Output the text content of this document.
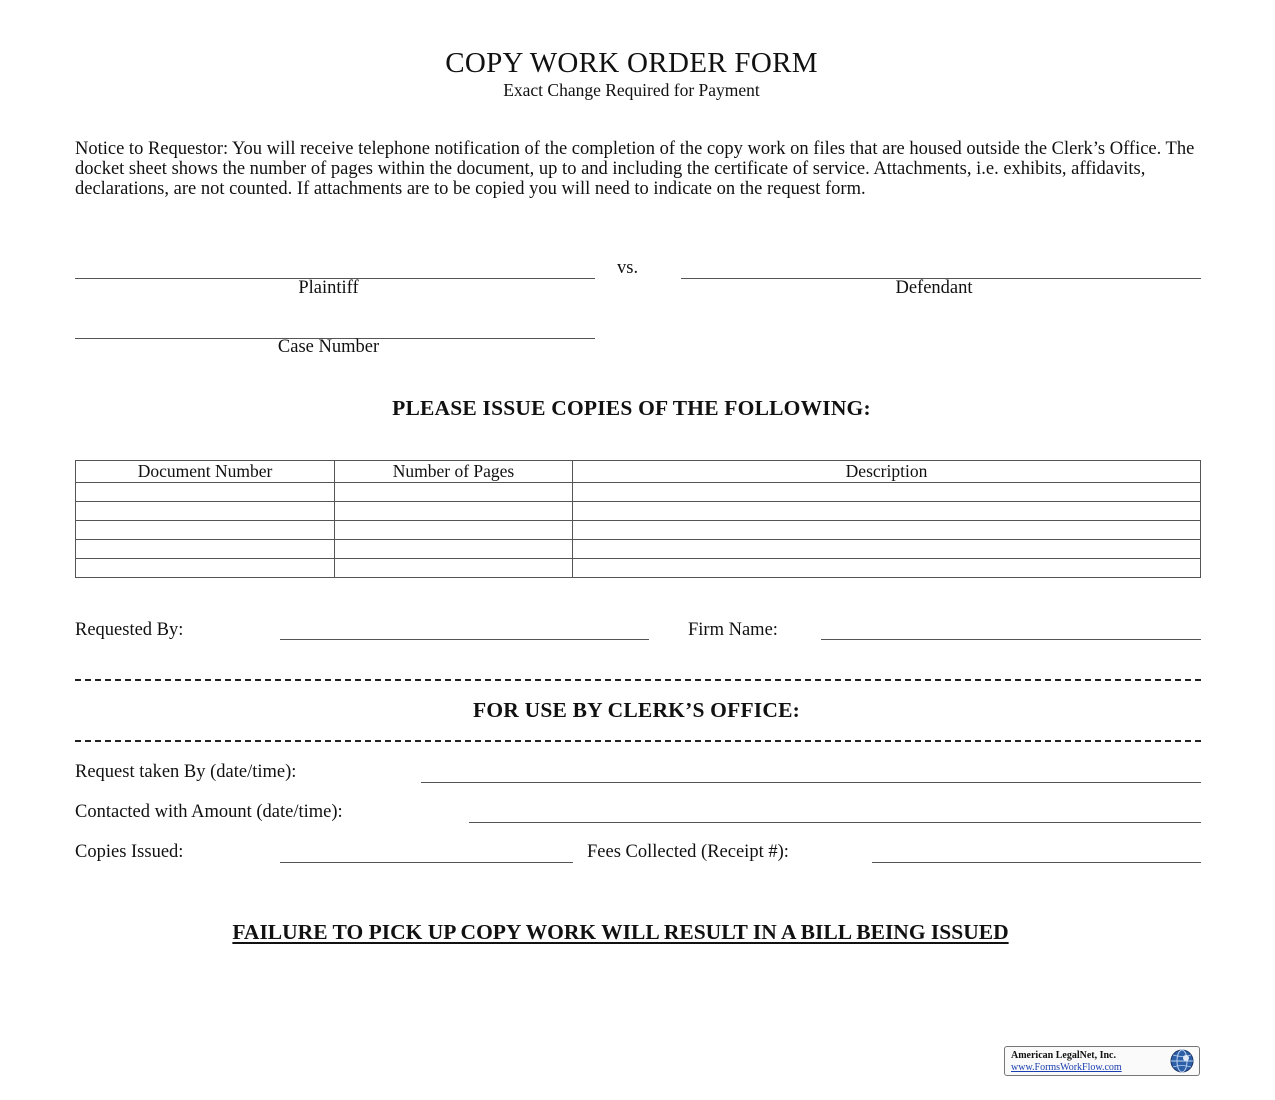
COPY WORK ORDER FORM
Exact Change Required for Payment
Notice to Requestor: You will receive telephone notification of the completion of the copy work on files that are housed outside the Clerk’s Office. The docket sheet shows the number of pages within the document, up to and including the certificate of service. Attachments, i.e. exhibits, affidavits, declarations, are not counted. If attachments are to be copied you will need to indicate on the request form.
vs.
Plaintiff	Defendant
Case Number
PLEASE ISSUE COPIES OF THE FOLLOWING:
Document Number	Number of Pages	Description

Requested By:	Firm Name:
FOR USE BY CLERK’S OFFICE:
Request taken By (date/time):
Contacted with Amount (date/time):
Copies Issued:	Fees Collected (Receipt #):
FAILURE TO PICK UP COPY WORK WILL RESULT IN A BILL BEING ISSUED
American LegalNet, Inc.
www.FormsWorkFlow.com
